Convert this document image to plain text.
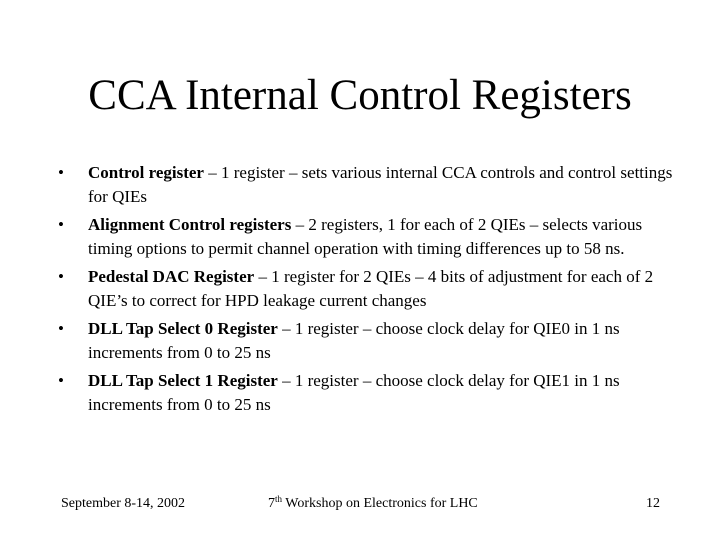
CCA Internal Control Registers
• Control register – 1 register – sets various internal CCA controls and control settings for QIEs
• Alignment Control registers – 2 registers, 1 for each of 2 QIEs – selects various timing options to permit channel operation with timing differences up to 58 ns.
• Pedestal DAC Register – 1 register for 2 QIEs – 4 bits of adjustment for each of 2 QIE’s to correct for HPD leakage current changes
• DLL Tap Select 0 Register – 1 register – choose clock delay for QIE0 in 1 ns increments from 0 to 25 ns
• DLL Tap Select 1 Register – 1 register – choose clock delay for QIE1 in 1 ns increments from 0 to 25 ns
September 8-14, 2002	7th Workshop on Electronics for LHC	12
